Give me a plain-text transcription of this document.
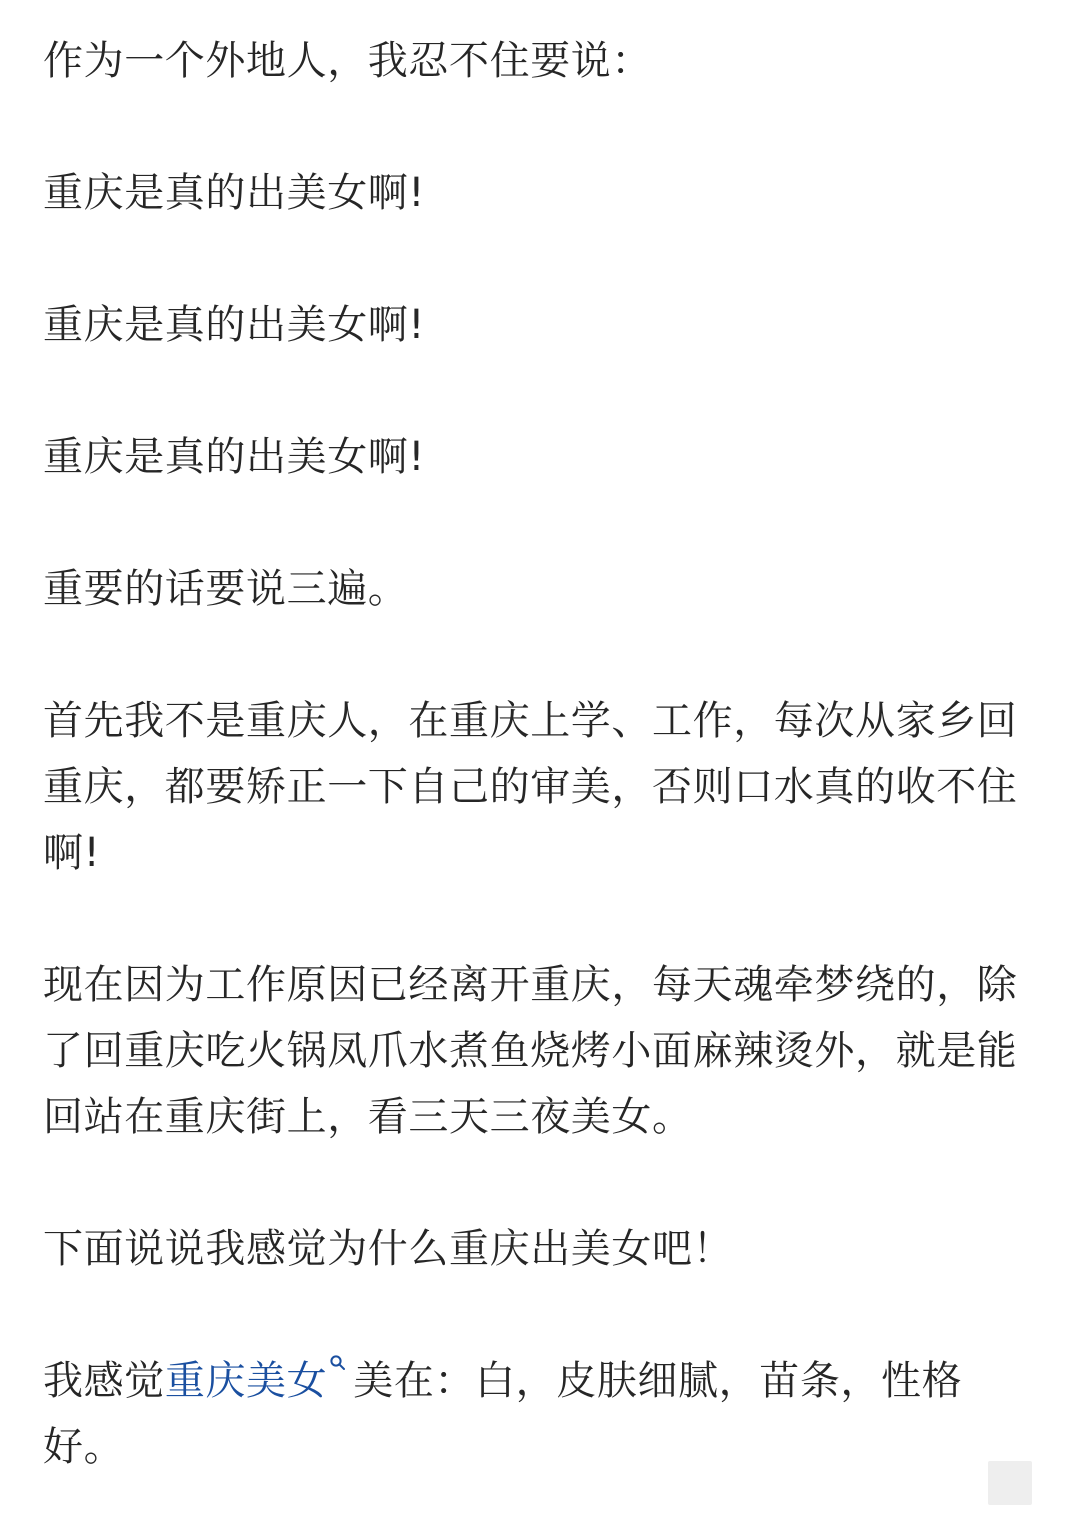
作为一个外地人，我忍不住要说：

重庆是真的出美女啊!

重庆是真的出美女啊!

重庆是真的出美女啊!

重要的话要说三遍。

首先我不是重庆人，在重庆上学、工作，每次从家乡回重庆，都要矫正一下自己的审美，否则口水真的收不住啊!

现在因为工作原因已经离开重庆，每天魂牵梦绕的，除了回重庆吃火锅凤爪水煮鱼烧烤小面麻辣烫外，就是能回站在重庆街上，看三天三夜美女。

下面说说我感觉为什么重庆出美女吧！

我感觉重庆美女 美在：白，皮肤细腻，苗条，性格好。
